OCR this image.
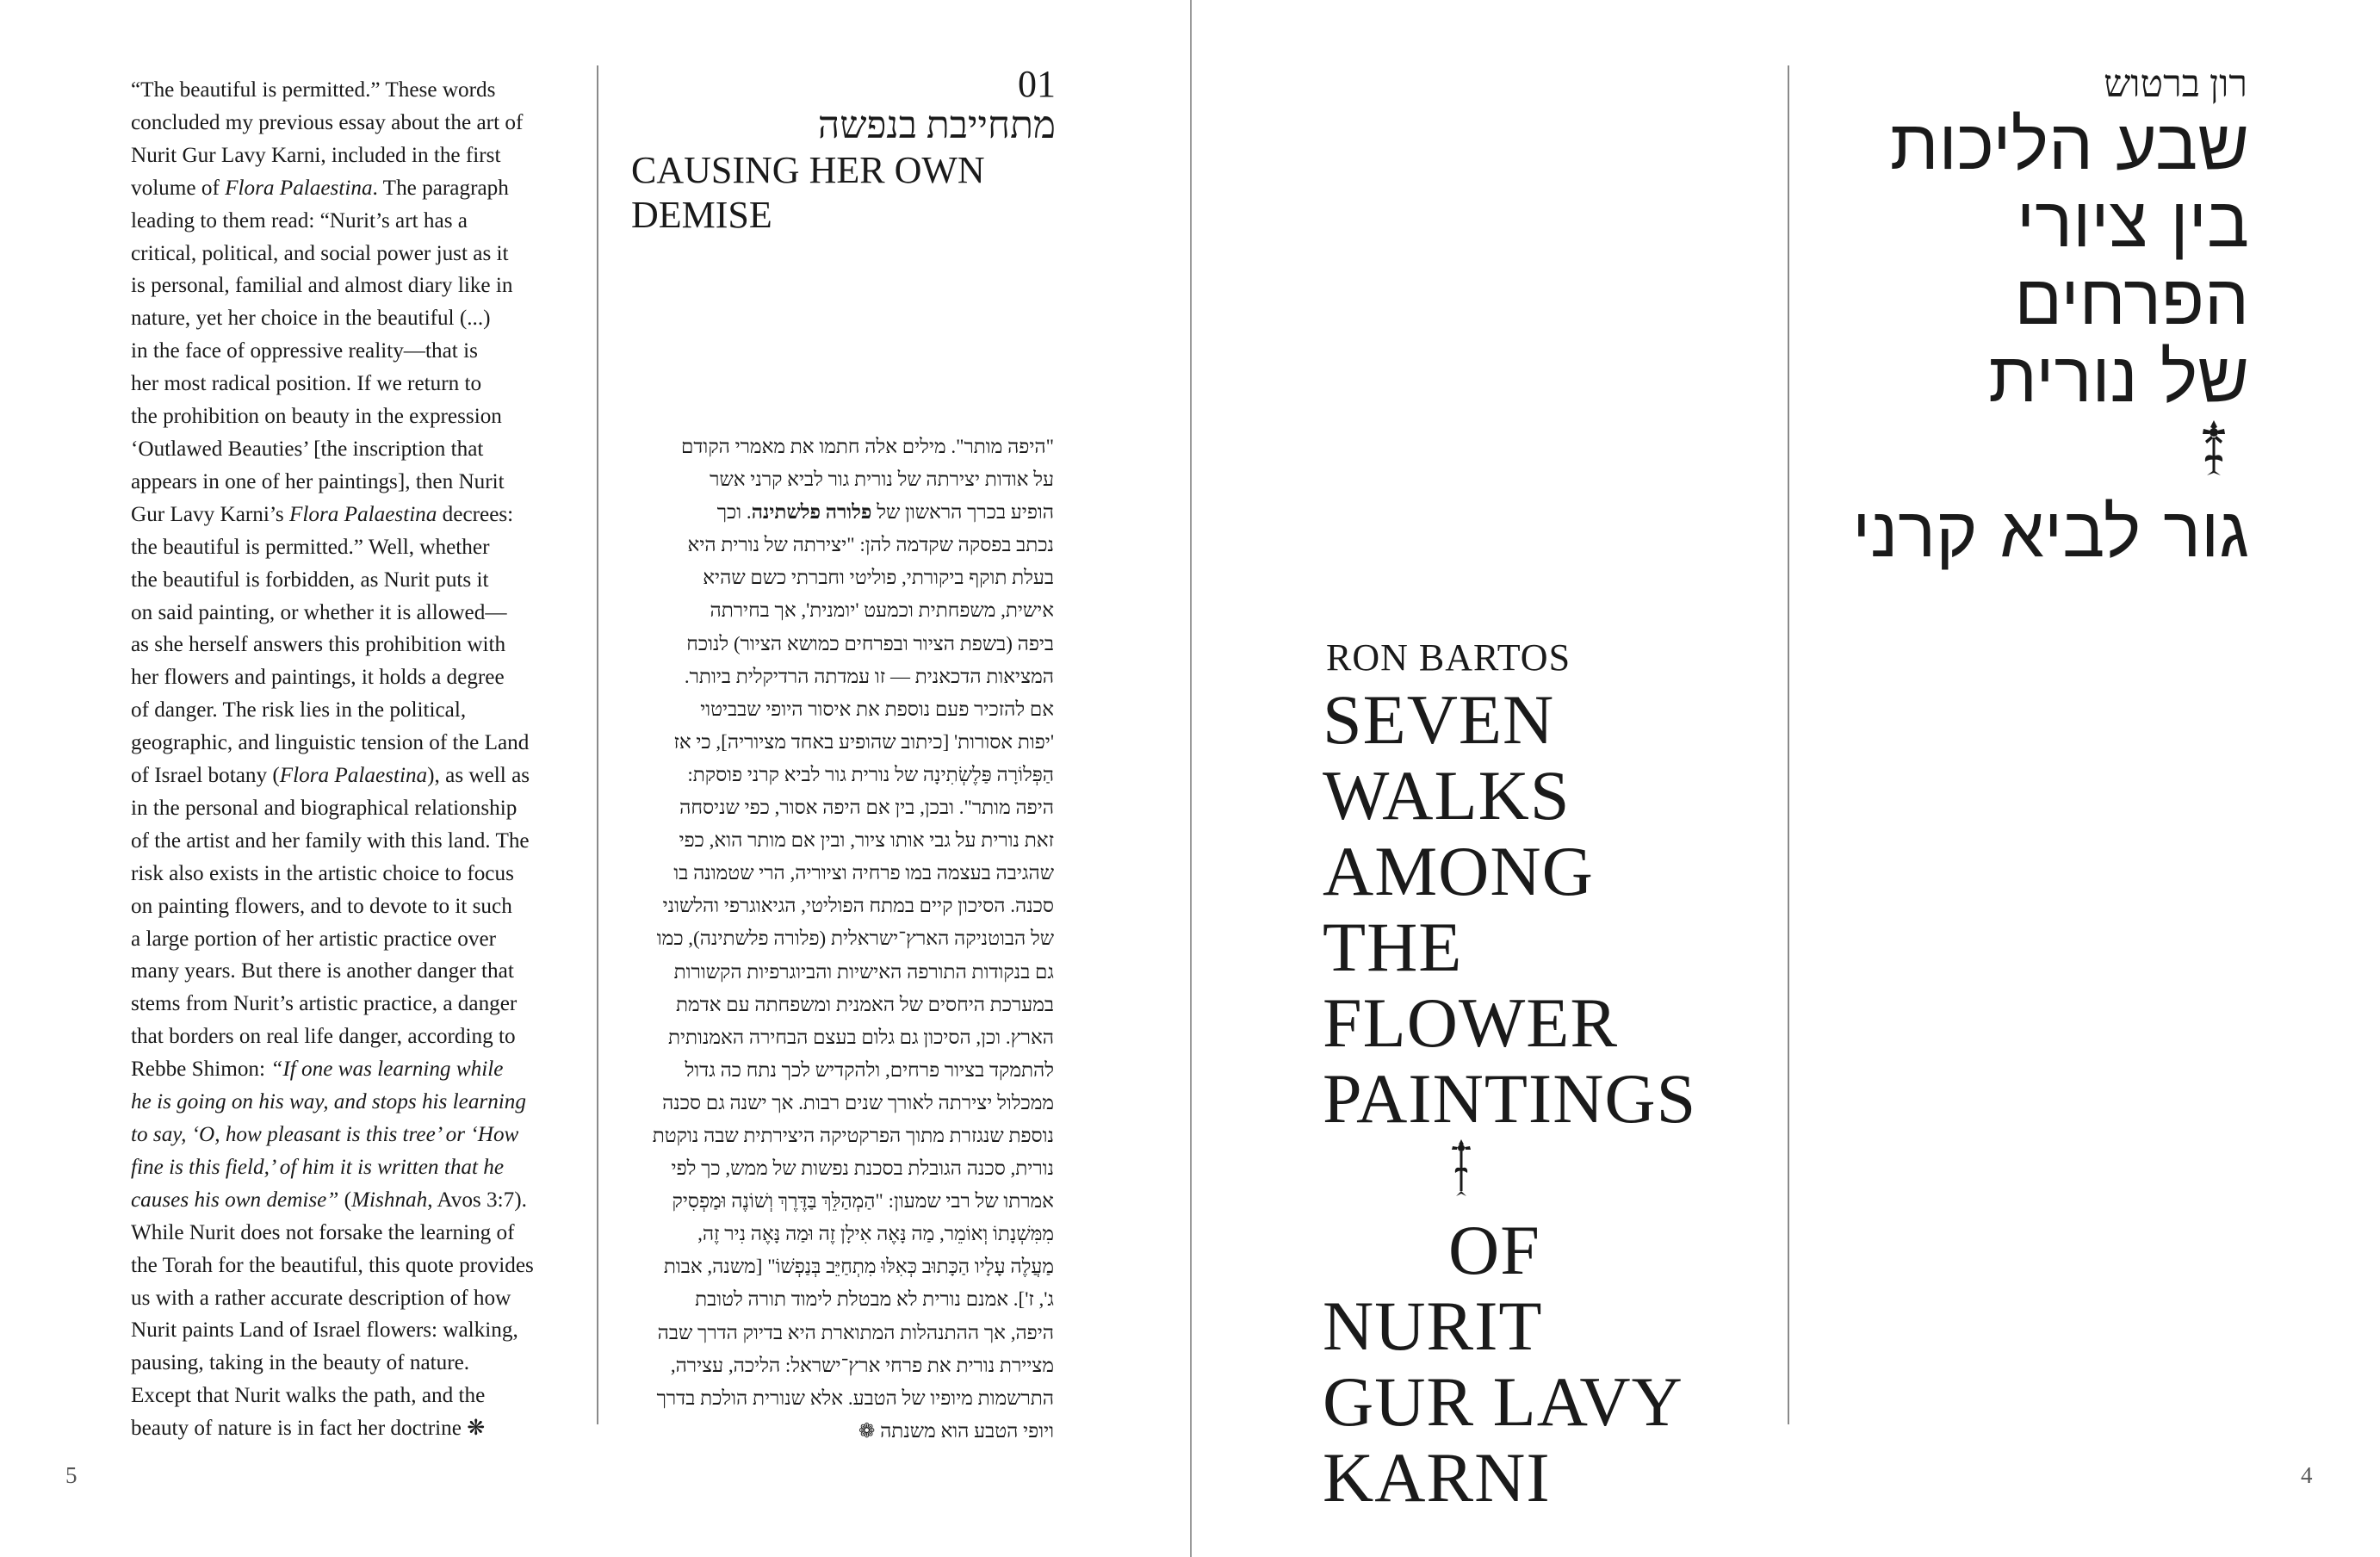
5
“The beautiful is permitted.” These words
concluded my previous essay about the art of
Nurit Gur Lavy Karni, included in the first
volume of Flora Palaestina. The paragraph
leading to them read: “Nurit’s art has a
critical, political, and social power just as it
is personal, familial and almost diary like in
nature, yet her choice in the beautiful (...)
in the face of oppressive reality—that is
her most radical position. If we return to
the prohibition on beauty in the expression
‘Outlawed Beauties’ [the inscription that
appears in one of her paintings], then Nurit
Gur Lavy Karni’s Flora Palaestina decrees:
the beautiful is permitted.” Well, whether
the beautiful is forbidden, as Nurit puts it
on said painting, or whether it is allowed—
as she herself answers this prohibition with
her flowers and paintings, it holds a degree
of danger. The risk lies in the political,
geographic, and linguistic tension of the Land
of Israel botany (Flora Palaestina), as well as
in the personal and biographical relationship
of the artist and her family with this land. The
risk also exists in the artistic choice to focus
on painting flowers, and to devote to it such
a large portion of her artistic practice over
many years. But there is another danger that
stems from Nurit’s artistic practice, a danger
that borders on real life danger, according to
Rebbe Shimon: “If one was learning while
he is going on his way, and stops his learning
to say, ‘O, how pleasant is this tree’ or ‘How
fine is this field,’ of him it is written that he
causes his own demise” (Mishnah, Avos 3:7).
While Nurit does not forsake the learning of
the Torah for the beautiful, this quote provides
us with a rather accurate description of how
Nurit paints Land of Israel flowers: walking,
pausing, taking in the beauty of nature.
Except that Nurit walks the path, and the
beauty of nature is in fact her doctrine ❋
01
מתחייבת בנפשה
CAUSING HER OWN
DEMISE
"היפה מותר". מילים אלה חתמו את מאמרי הקודם
על אודות יצירתה של נורית גור לביא קרני אשר
הופיע בכרך הראשון של פלורה פלשתינה. וכך
נכתב בפסקה שקדמה להן: "יצירתה של נורית היא
בעלת תוקף ביקורתי, פוליטי וחברתי כשם שהיא
אישית, משפחתית וכמעט 'יומנית', אך בחירתה
ביפה (בשפת הציור ובפרחים כמושא הציור) לנוכח
המציאות הדכאנית — זו עמדתה הרדיקלית ביותר.
אם להזכיר פעם נוספת את איסור היופי שבביטוי
'יפות אסורות' [כיתוב שהופיע באחד מציוריה], כי אז
הַפְּלוֹרָה פַּלֶשְׂתִינָה של נורית גור לביא קרני פוסקת:
היפה מותר". ובכן, בין אם היפה אסור, כפי שניסחה
זאת נורית על גבי אותו ציור, ובין אם מותר הוא, כפי
שהגיבה בעצמה במו פרחיה וציוריה, הרי שטמונה בו
סכנה. הסיכון קיים במתח הפוליטי, הגיאוגרפי והלשוני
של הבוטניקה הארץ־ישראלית (פלורה פלשתינה), כמו
גם בנקודות התורפה האישיות והביוגרפיות הקשורות
במערכת היחסים של האמנית ומשפחתה עם אדמת
הארץ. וכן, הסיכון גם גלום בעצם הבחירה האמנותית
להתמקד בציור פרחים, ולהקדיש לכך נתח כה גדול
ממכלול יצירתה לאורך שנים רבות. אך ישנה גם סכנה
נוספת שנגזרת מתוך הפרקטיקה היצירתית שבה נוקטת
נורית, סכנה הגובלת בסכנת נפשות של ממש, כך לפי
אמרתו של רבי שמעון: "הַמְהַלֵּךְ בַּדֶּרֶךְ וְשׁוֹנֶה וּמַפְסִיק
מִמִּשְׁנָתוֹ וְאוֹמֵר, מַה נָּאֶה אִילָן זֶה וּמַה נָּאֶה נִיר זֶה,
מַעֲלֶה עָלָיו הַכָּתוּב כְּאִלּוּ מִתְחַיֵּב בְּנַפְשׁוֹ" [משנה, אבות
ג', ז']. אמנם נורית לא מבטלת לימוד תורה לטובת
היפה, אך ההתנהלות המתוארת היא בדיוק הדרך שבה
מציירת נורית את פרחי ארץ־ישראל: הליכה, עצירה,
התרשמות מיופיו של הטבע. אלא שנורית הולכת בדרך
ויופי הטבע הוא משנתה ❁
רון ברטוש
שבע הליכות
בין ציורי
הפרחים
של נורית
גור לביא קרני
RON BARTOS
SEVEN
WALKS
AMONG
THE
FLOWER
PAINTINGS
OF
NURIT
GUR LAVY
KARNI	4
